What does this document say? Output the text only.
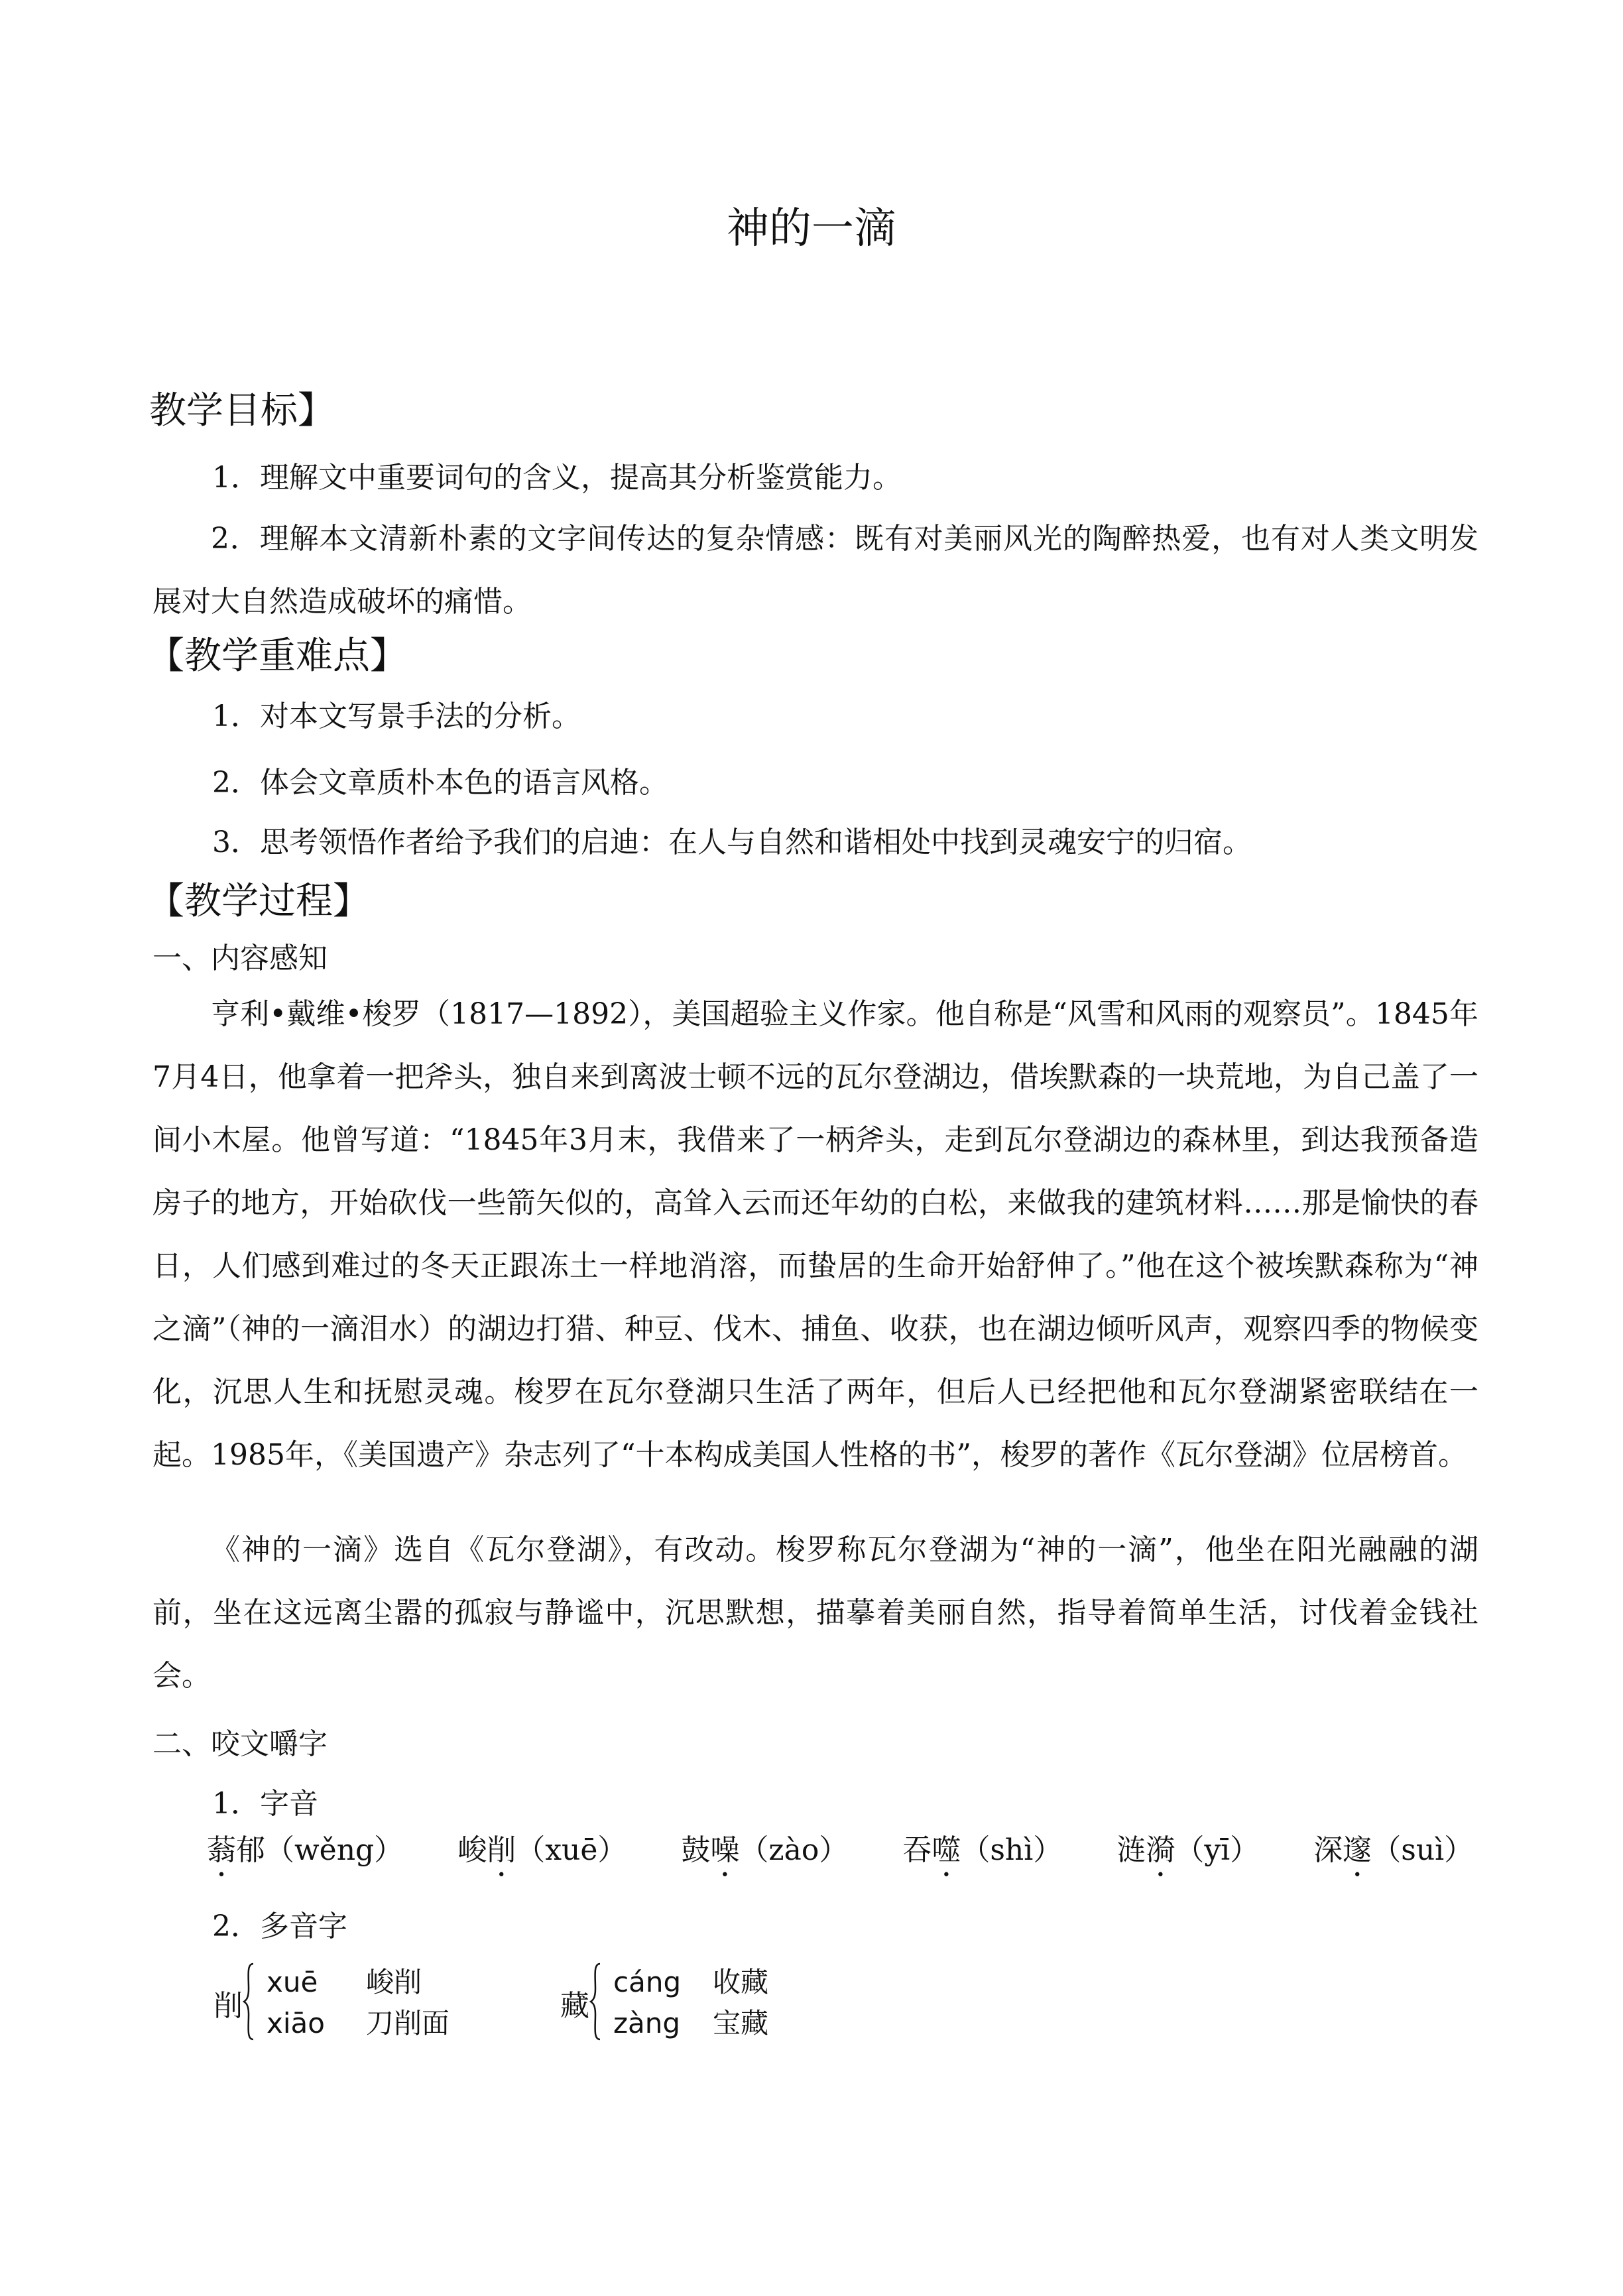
神的一滴
教学目标】
1．理解文中重要词句的含义，提高其分析鉴赏能力。
2．理解本文清新朴素的文字间传达的复杂情感：既有对美丽风光的陶醉热爱，也有对人类文明发展对大自然造成破坏的痛惜。
【教学重难点】
1．对本文写景手法的分析。
2．体会文章质朴本色的语言风格。
3．思考领悟作者给予我们的启迪：在人与自然和谐相处中找到灵魂安宁的归宿。
【教学过程】
一、内容感知
亨利•戴维•梭罗（1817—1892），美国超验主义作家。他自称是“风雪和风雨的观察员”。1845年7月4日，他拿着一把斧头，独自来到离波士顿不远的瓦尔登湖边，借埃默森的一块荒地，为自己盖了一间小木屋。他曾写道：“1845年3月末，我借来了一柄斧头，走到瓦尔登湖边的森林里，到达我预备造房子的地方，开始砍伐一些箭矢似的，高耸入云而还年幼的白松，来做我的建筑材料……那是愉快的春日，人们感到难过的冬天正跟冻土一样地消溶，而蛰居的生命开始舒伸了。”他在这个被埃默森称为“神之滴”（神的一滴泪水）的湖边打猎、种豆、伐木、捕鱼、收获，也在湖边倾听风声，观察四季的物候变化，沉思人生和抚慰灵魂。梭罗在瓦尔登湖只生活了两年，但后人已经把他和瓦尔登湖紧密联结在一起。1985年，《美国遗产》杂志列了“十本构成美国人性格的书”，梭罗的著作《瓦尔登湖》位居榜首。
《神的一滴》选自《瓦尔登湖》，有改动。梭罗称瓦尔登湖为“神的一滴”，他坐在阳光融融的湖前，坐在这远离尘嚣的孤寂与静谧中，沉思默想，描摹着美丽自然，指导着简单生活，讨伐着金钱社会。
二、咬文嚼字
1．字音
蓊郁（wěng） 峻削（xuē） 鼓噪（zào） 吞噬（shì） 涟漪（yī） 深邃（suì）
2．多音字
削
xuē 峻削
xiāo 刀削面
藏
cáng 收藏
zàng 宝藏
